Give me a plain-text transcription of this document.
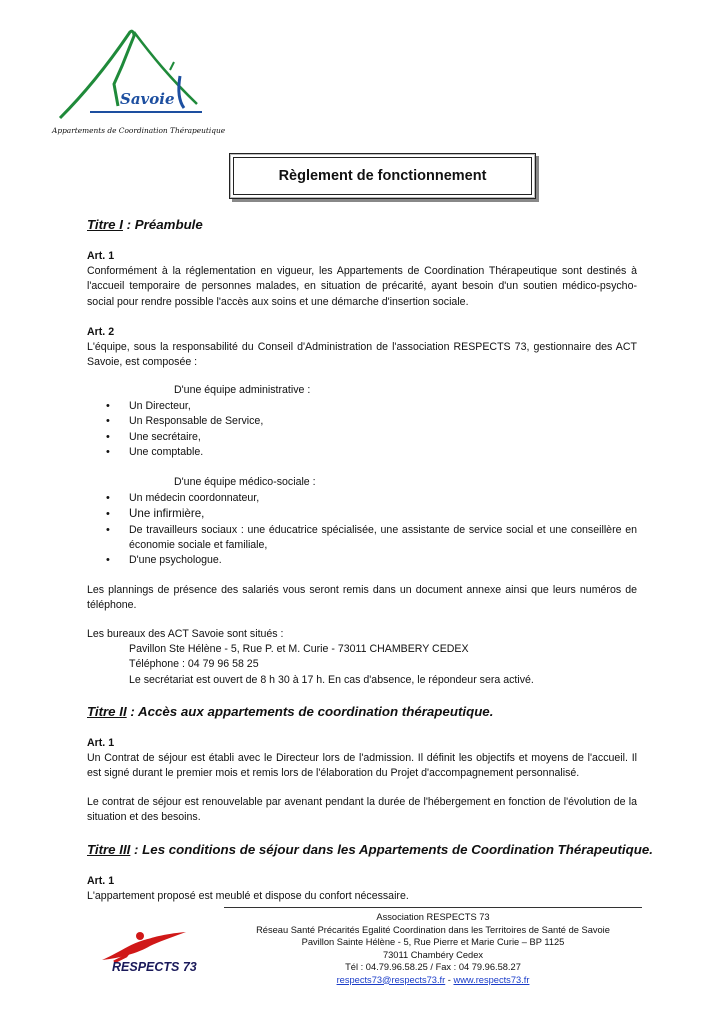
Savoie
Appartements de Coordination Thérapeutique
Règlement de fonctionnement
Titre I : Préambule
Art. 1
Conformément à la réglementation en vigueur, les Appartements de Coordination Thérapeutique sont destinés à l'accueil temporaire de personnes malades, en situation de précarité, ayant besoin d'un soutien médico-psycho-social pour rendre possible l'accès aux soins et une démarche d'insertion sociale.
Art. 2
L'équipe, sous la responsabilité du Conseil d'Administration de l'association RESPECTS 73, gestionnaire des ACT Savoie, est composée :
D'une équipe administrative :
• Un Directeur,
• Un Responsable de Service,
• Une secrétaire,
• Une comptable.
D'une équipe médico-sociale :
• Un médecin coordonnateur,
• Une infirmière,
• De travailleurs sociaux : une éducatrice spécialisée, une assistante de service social et une conseillère en économie sociale et familiale,
• D'une psychologue.
Les plannings de présence des salariés vous seront remis dans un document annexe ainsi que leurs numéros de téléphone.
Les bureaux des ACT Savoie sont situés :
Pavillon Ste Hélène - 5, Rue P. et M. Curie - 73011 CHAMBERY CEDEX
Téléphone : 04 79 96 58 25
Le secrétariat est ouvert de 8 h 30 à 17 h. En cas d'absence, le répondeur sera activé.
Titre II : Accès aux appartements de coordination thérapeutique.
Art. 1
Un Contrat de séjour est établi avec le Directeur lors de l'admission. Il définit les objectifs et moyens de l'accueil. Il est signé durant le premier mois et remis lors de l'élaboration du Projet d'accompagnement personnalisé.
Le contrat de séjour est renouvelable par avenant pendant la durée de l'hébergement en fonction de l'évolution de la situation et des besoins.
Titre III : Les conditions de séjour dans les Appartements de Coordination Thérapeutique.
Art. 1
L'appartement proposé est meublé et dispose du confort nécessaire.
RESPECTS 73
Association RESPECTS 73
Réseau Santé Précarités Egalité Coordination dans les Territoires de Santé de Savoie
Pavillon Sainte Hélène - 5, Rue Pierre et Marie Curie – BP 1125
73011 Chambéry Cedex
Tél : 04.79.96.58.25 / Fax : 04 79.96.58.27
respects73@respects73.fr - www.respects73.fr
